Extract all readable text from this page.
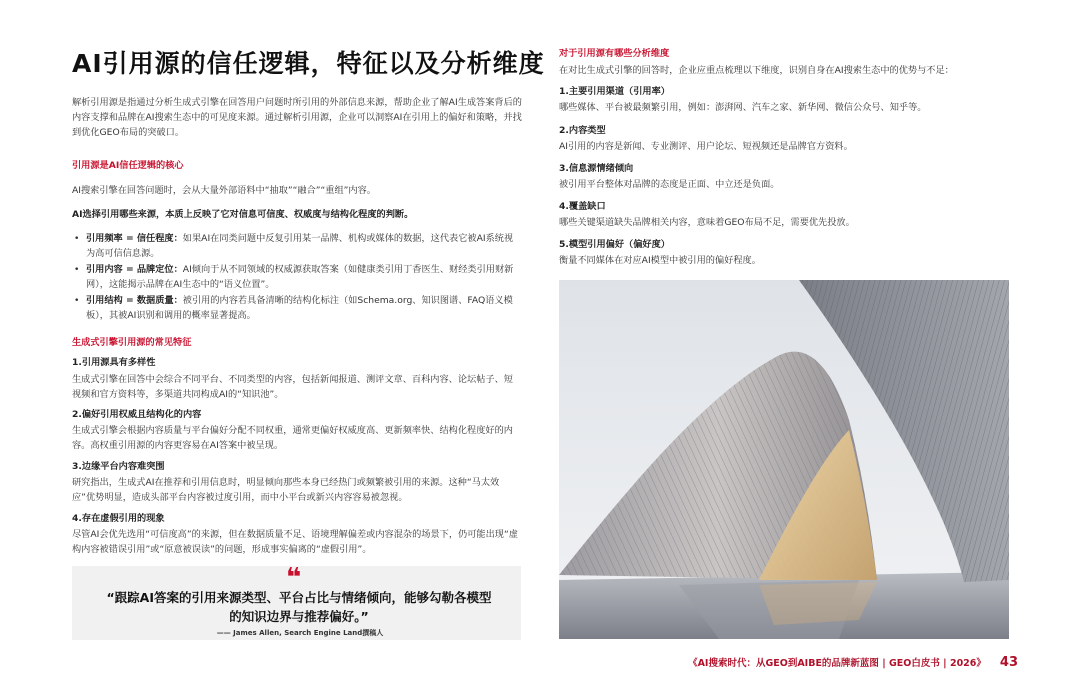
AI引用源的信任逻辑，特征以及分析维度
解析引用源是指通过分析生成式引擎在回答用户问题时所引用的外部信息来源，帮助企业了解AI生成答案背后的内容支撑和品牌在AI搜索生态中的可见度来源。通过解析引用源，企业可以洞察AI在引用上的偏好和策略，并找到优化GEO布局的突破口。
引用源是AI信任逻辑的核心
AI搜索引擎在回答问题时，会从大量外部语料中“抽取”“融合”“重组”内容。
AI选择引用哪些来源，本质上反映了它对信息可信度、权威度与结构化程度的判断。
• 引用频率 = 信任程度：如果AI在同类问题中反复引用某一品牌、机构或媒体的数据，这代表它被AI系统视为高可信信息源。
• 引用内容 = 品牌定位：AI倾向于从不同领域的权威源获取答案（如健康类引用丁香医生、财经类引用财新网），这能揭示品牌在AI生态中的“语义位置”。
• 引用结构 = 数据质量：被引用的内容若具备清晰的结构化标注（如Schema.org、知识图谱、FAQ语义模板），其被AI识别和调用的概率显著提高。
生成式引擎引用源的常见特征
1.引用源具有多样性
生成式引擎在回答中会综合不同平台、不同类型的内容，包括新闻报道、测评文章、百科内容、论坛帖子、短视频和官方资料等，多渠道共同构成AI的“知识池”。
2.偏好引用权威且结构化的内容
生成式引擎会根据内容质量与平台偏好分配不同权重，通常更偏好权威度高、更新频率快、结构化程度好的内容。高权重引用源的内容更容易在AI答案中被呈现。
3.边缘平台内容难突围
研究指出，生成式AI在推荐和引用信息时，明显倾向那些本身已经热门或频繁被引用的来源。这种“马太效应”优势明显，造成头部平台内容被过度引用，而中小平台或新兴内容容易被忽视。
4.存在虚假引用的现象
尽管AI会优先选用“可信度高”的来源，但在数据质量不足、语境理解偏差或内容混杂的场景下，仍可能出现“虚构内容被错误引用”或“原意被误读”的问题，形成事实偏离的“虚假引用”。
❝
“跟踪AI答案的引用来源类型、平台占比与情绪倾向，能够勾勒各模型的知识边界与推荐偏好。”
—— James Allen, Search Engine Land撰稿人
对于引用源有哪些分析维度
在对比生成式引擎的回答时，企业应重点梳理以下维度，识别自身在AI搜索生态中的优势与不足：
1.主要引用渠道（引用率）
哪些媒体、平台被最频繁引用，例如：澎湃网、汽车之家、新华网、微信公众号、知乎等。
2.内容类型
AI引用的内容是新闻、专业测评、用户论坛、短视频还是品牌官方资料。
3.信息源情绪倾向
被引用平台整体对品牌的态度是正面、中立还是负面。
4.覆盖缺口
哪些关键渠道缺失品牌相关内容，意味着GEO布局不足，需要优先投放。
5.模型引用偏好（偏好度）
衡量不同媒体在对应AI模型中被引用的偏好程度。
《AI搜索时代：从GEO到AIBE的品牌新蓝图 | GEO白皮书 | 2026》 43
